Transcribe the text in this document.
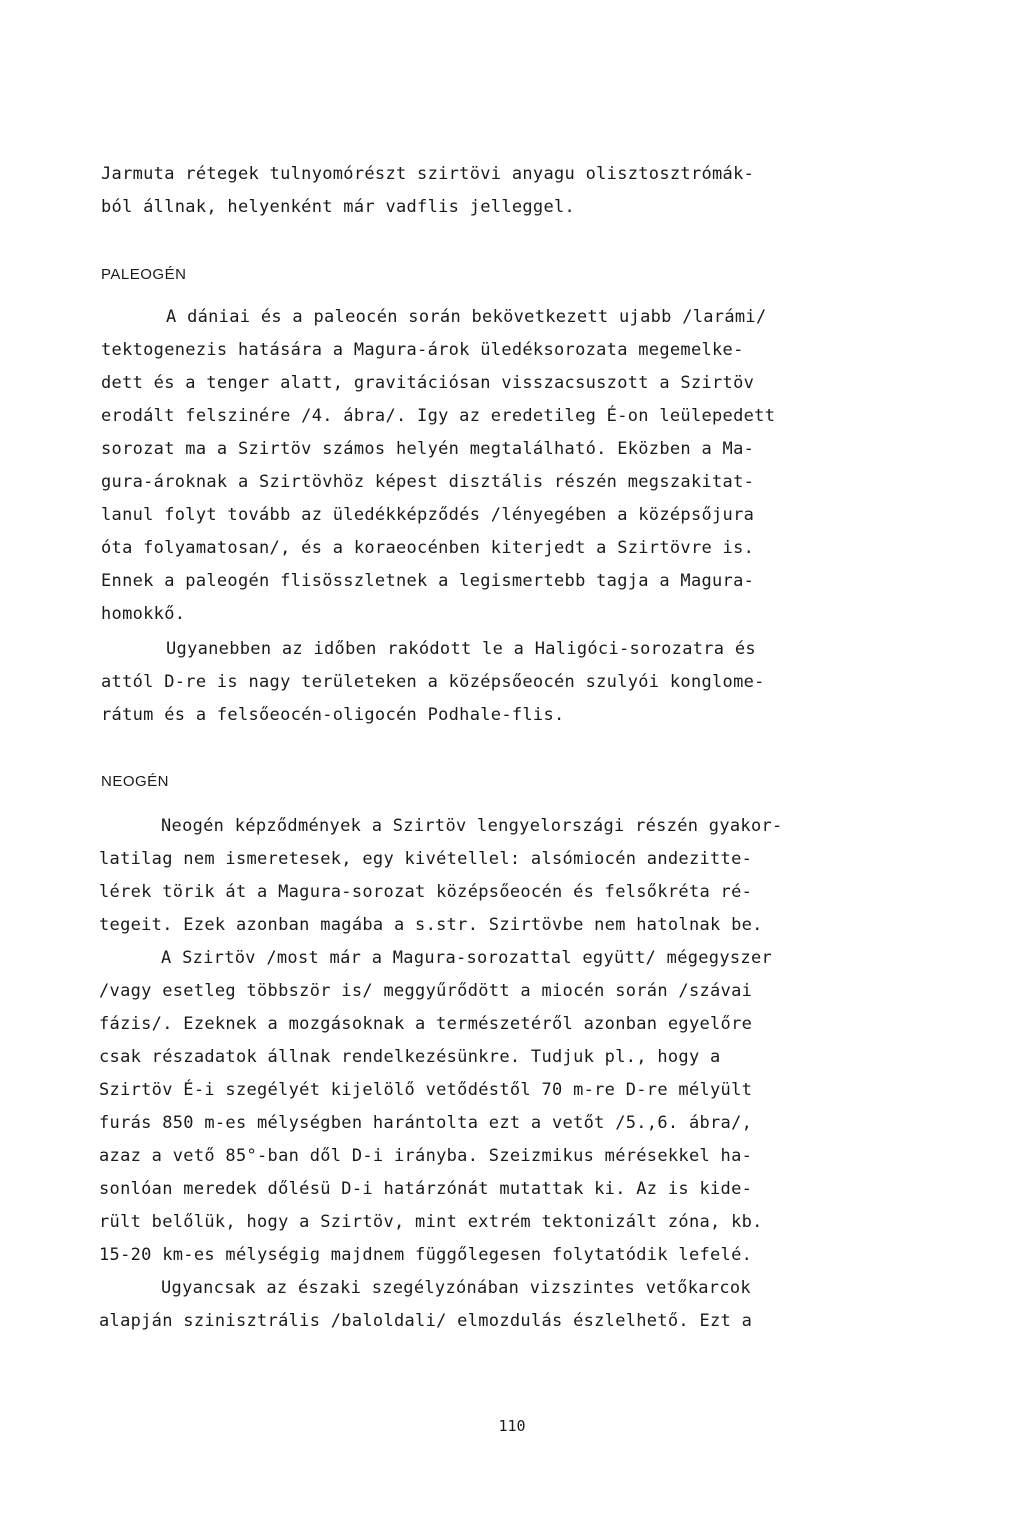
Jarmuta rétegek tulnyomórészt szirtövi anyagu olisztosztrómák-
ból állnak, helyenként már vadflis jelleggel.
PALEOGÉN
A dániai és a paleocén során bekövetkezett ujabb /larámi/
tektogenezis hatására a Magura-árok üledéksorozata megemelke-
dett és a tenger alatt, gravitációsan visszacsuszott a Szirtöv
erodált felszinére /4. ábra/. Igy az eredetileg É-on leülepedett
sorozat ma a Szirtöv számos helyén megtalálható. Eközben a Ma-
gura-ároknak a Szirtövhöz képest disztális részén megszakitat-
lanul folyt tovább az üledékképződés /lényegében a középsőjura
óta folyamatosan/, és a koraeocénben kiterjedt a Szirtövre is.
Ennek a paleogén flisösszletnek a legismertebb tagja a Magura-
homokkő.
Ugyanebben az időben rakódott le a Haligóci-sorozatra és
attól D-re is nagy területeken a középsőeocén szulyói konglome-
rátum és a felsőeocén-oligocén Podhale-flis.
NEOGÉN
Neogén képződmények a Szirtöv lengyelországi részén gyakor-
latilag nem ismeretesek, egy kivétellel: alsómiocén andezitte-
lérek törik át a Magura-sorozat középsőeocén és felsőkréta ré-
tegeit. Ezek azonban magába a s.str. Szirtövbe nem hatolnak be.
A Szirtöv /most már a Magura-sorozattal együtt/ mégegyszer
/vagy esetleg többször is/ meggyűrődött a miocén során /szávai
fázis/. Ezeknek a mozgásoknak a természetéről azonban egyelőre
csak részadatok állnak rendelkezésünkre. Tudjuk pl., hogy a
Szirtöv É-i szegélyét kijelölő vetődéstől 70 m-re D-re mélyült
furás 850 m-es mélységben harántolta ezt a vetőt /5.,6. ábra/,
azaz a vető 85°-ban dől D-i irányba. Szeizmikus mérésekkel ha-
sonlóan meredek dőlésü D-i határzónát mutattak ki. Az is kide-
rült belőlük, hogy a Szirtöv, mint extrém tektonizált zóna, kb.
15-20 km-es mélységig majdnem függőlegesen folytatódik lefelé.
Ugyancsak az északi szegélyzónában vizszintes vetőkarcok
alapján szinisztrális /baloldali/ elmozdulás észlelhető. Ezt a
110
